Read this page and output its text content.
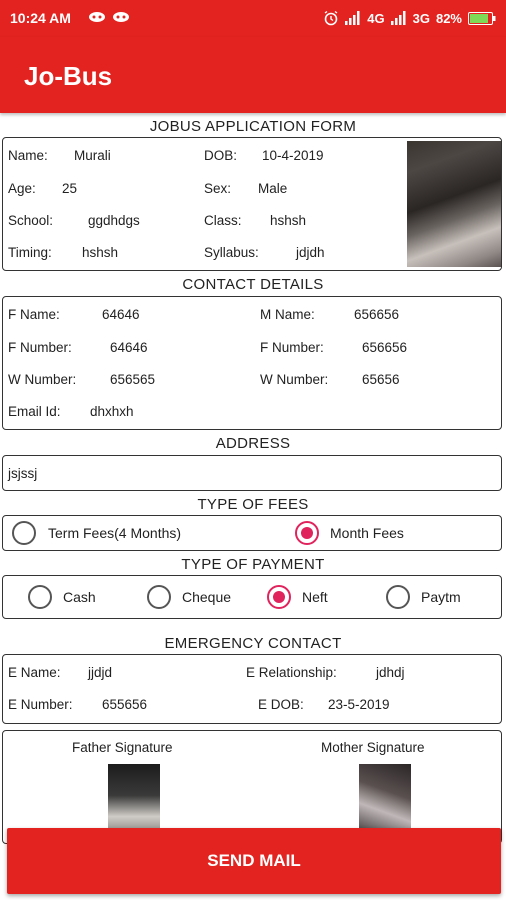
10:24 AM	4G 3G 82%
Jo-Bus
JOBUS APPLICATION FORM
Name: Murali	DOB: 10-4-2019
Age: 25	Sex: Male
School:	ggdhdgs	Class: hshsh
Timing: hshsh	Syllabus:	jdjdh
CONTACT DETAILS
F Name:	64646	M Name:	656656
F Number:	64646	F Number:	656656
W Number: 656565	W Number: 65656
Email Id: dhxhxh
ADDRESS
jsjssj
TYPE OF FEES
Term Fees(4 Months)	Month Fees
TYPE OF PAYMENT
Cash	Cheque	Neft	Paytm
EMERGENCY CONTACT
E Name: jjdjd	E Relationship:	jdhdj
E Number: 655656	E DOB: 23-5-2019
Father Signature	Mother Signature
SEND MAIL
